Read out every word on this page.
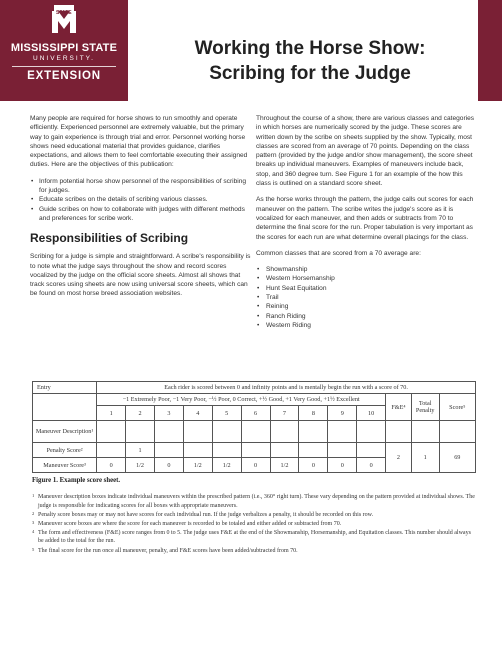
STATE
MISSISSIPPI STATE
UNIVERSITY.
EXTENSION
Working the Horse Show:
Scribing for the Judge

Many people are required for horse shows to run smoothly and operate efficiently. Experienced personnel are extremely valuable, but the primary way to gain experience is through trial and error. Personnel working horse shows need educational material that provides guidance, clarifies expectations, and allows them to feel comfortable executing their assigned duties. Here are the objectives of this publication:

• Inform potential horse show personnel of the responsibilities of scribing for judges.
• Educate scribes on the details of scribing various classes.
• Guide scribes on how to collaborate with judges with different methods and preferences for scribe work.
Responsibilities of Scribing

Scribing for a judge is simple and straightforward. A scribe's responsibility is to note what the judge says throughout the show and record scores vocalized by the judge on the official score sheets. Almost all shows that track scores using sheets are now using universal score sheets, which can be found on most horse breed association websites.

Throughout the course of a show, there are various classes and categories in which horses are numerically scored by the judge. These scores are written down by the scribe on sheets supplied by the show. Typically, most classes are scored from an average of 70 points. Depending on the class pattern (provided by the judge and/or show management), the score sheet breaks up individual maneuvers. Examples of maneuvers include back, stop, and 360 degree turn. See Figure 1 for an example of the how this class is outlined on a standard score sheet.

As the horse works through the pattern, the judge calls out scores for each maneuver on the pattern. The scribe writes the judge's score as it is vocalized for each maneuver, and then adds or subtracts from 70 to determine the final score for the run. Proper tabulation is very important as the scores for each run are what determine overall placings for the class.

Common classes that are scored from a 70 average are:

• Showmanship
• Western Horsemanship
• Hunt Seat Equitation
• Trail
• Reining
• Ranch Riding
• Western Riding
Entry	Each rider is scored between 0 and infinity points and is mentally begin the run with a score of 70.												
	−1 Extremely Poor, −1 Very Poor, −½ Poor, 0 Correct, +½ Good, +1 Very Good, +1½ Excellent										F&E⁴	Total Penalty	Score⁵
	1	2	3	4	5	6	7	8	9	10			
Maneuver Description¹													
Penalty Score²		1									2	1	69
Maneuver Score³	0	1/2	0	1/2	1/2	0	1/2	0	0	0			
Figure 1. Example score sheet.

1 Maneuver description boxes indicate individual maneuvers within the prescribed pattern (i.e., 360° right turn). These vary depending on the pattern provided at individual shows. The judge is responsible for indicating scores for all boxes with appropriate maneuvers.

2 Penalty score boxes may or may not have scores for each individual run. If the judge verbalizes a penalty, it should be recorded on this row.

3 Maneuver score boxes are where the score for each maneuver is recorded to be totaled and either added or subtracted from 70.

4 The form and effectiveness (F&E) score ranges from 0 to 5. The judge uses F&E at the end of the Showmanship, Horsemanship, and Equitation classes. This number should always be added to the total for the run.

5 The final score for the run once all maneuver, penalty, and F&E scores have been added/subtracted from 70.
